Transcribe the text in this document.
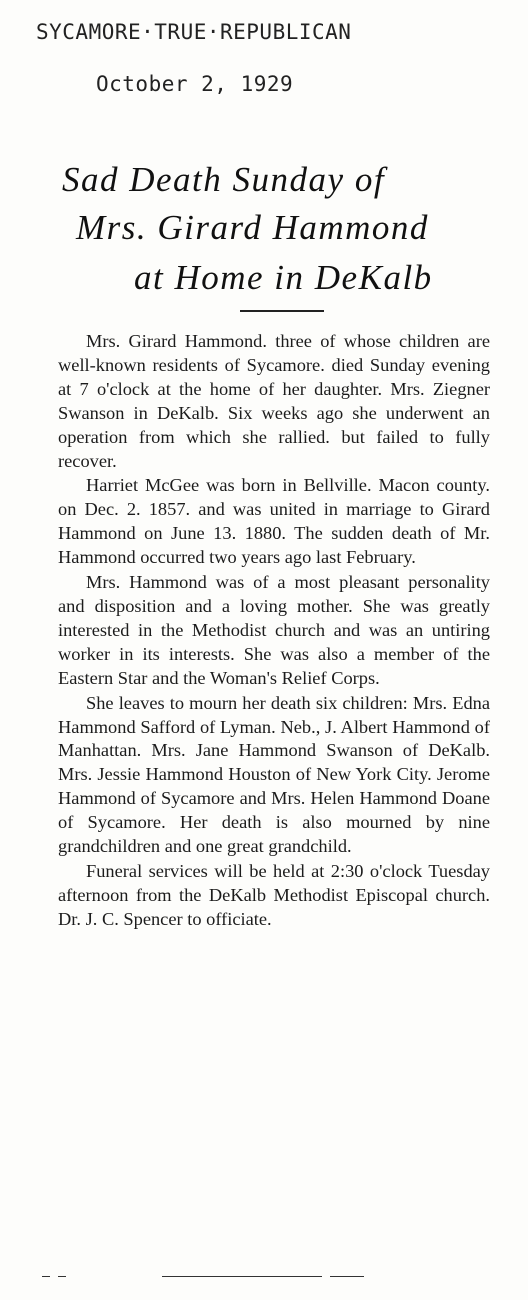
SYCAMORE·TRUE·REPUBLICAN
October 2, 1929
Sad Death Sunday of
Mrs. Girard Hammond
at Home in DeKalb

Mrs. Girard Hammond. three of whose children are well-known residents of Sycamore. died Sunday evening at 7 o'clock at the home of her daughter. Mrs. Ziegner Swanson in DeKalb. Six weeks ago she underwent an operation from which she rallied. but failed to fully recover.

Harriet McGee was born in Bellville. Macon county. on Dec. 2. 1857. and was united in marriage to Girard Hammond on June 13. 1880. The sudden death of Mr. Hammond occurred two years ago last February.

Mrs. Hammond was of a most pleasant personality and disposition and a loving mother. She was greatly interested in the Methodist church and was an untiring worker in its interests. She was also a member of the Eastern Star and the Woman's Relief Corps.

She leaves to mourn her death six children: Mrs. Edna Hammond Safford of Lyman. Neb., J. Albert Hammond of Manhattan. Mrs. Jane Hammond Swanson of DeKalb. Mrs. Jessie Hammond Houston of New York City. Jerome Hammond of Sycamore and Mrs. Helen Hammond Doane of Sycamore. Her death is also mourned by nine grandchildren and one great grandchild.

Funeral services will be held at 2:30 o'clock Tuesday afternoon from the DeKalb Methodist Episcopal church. Dr. J. C. Spencer to officiate.
